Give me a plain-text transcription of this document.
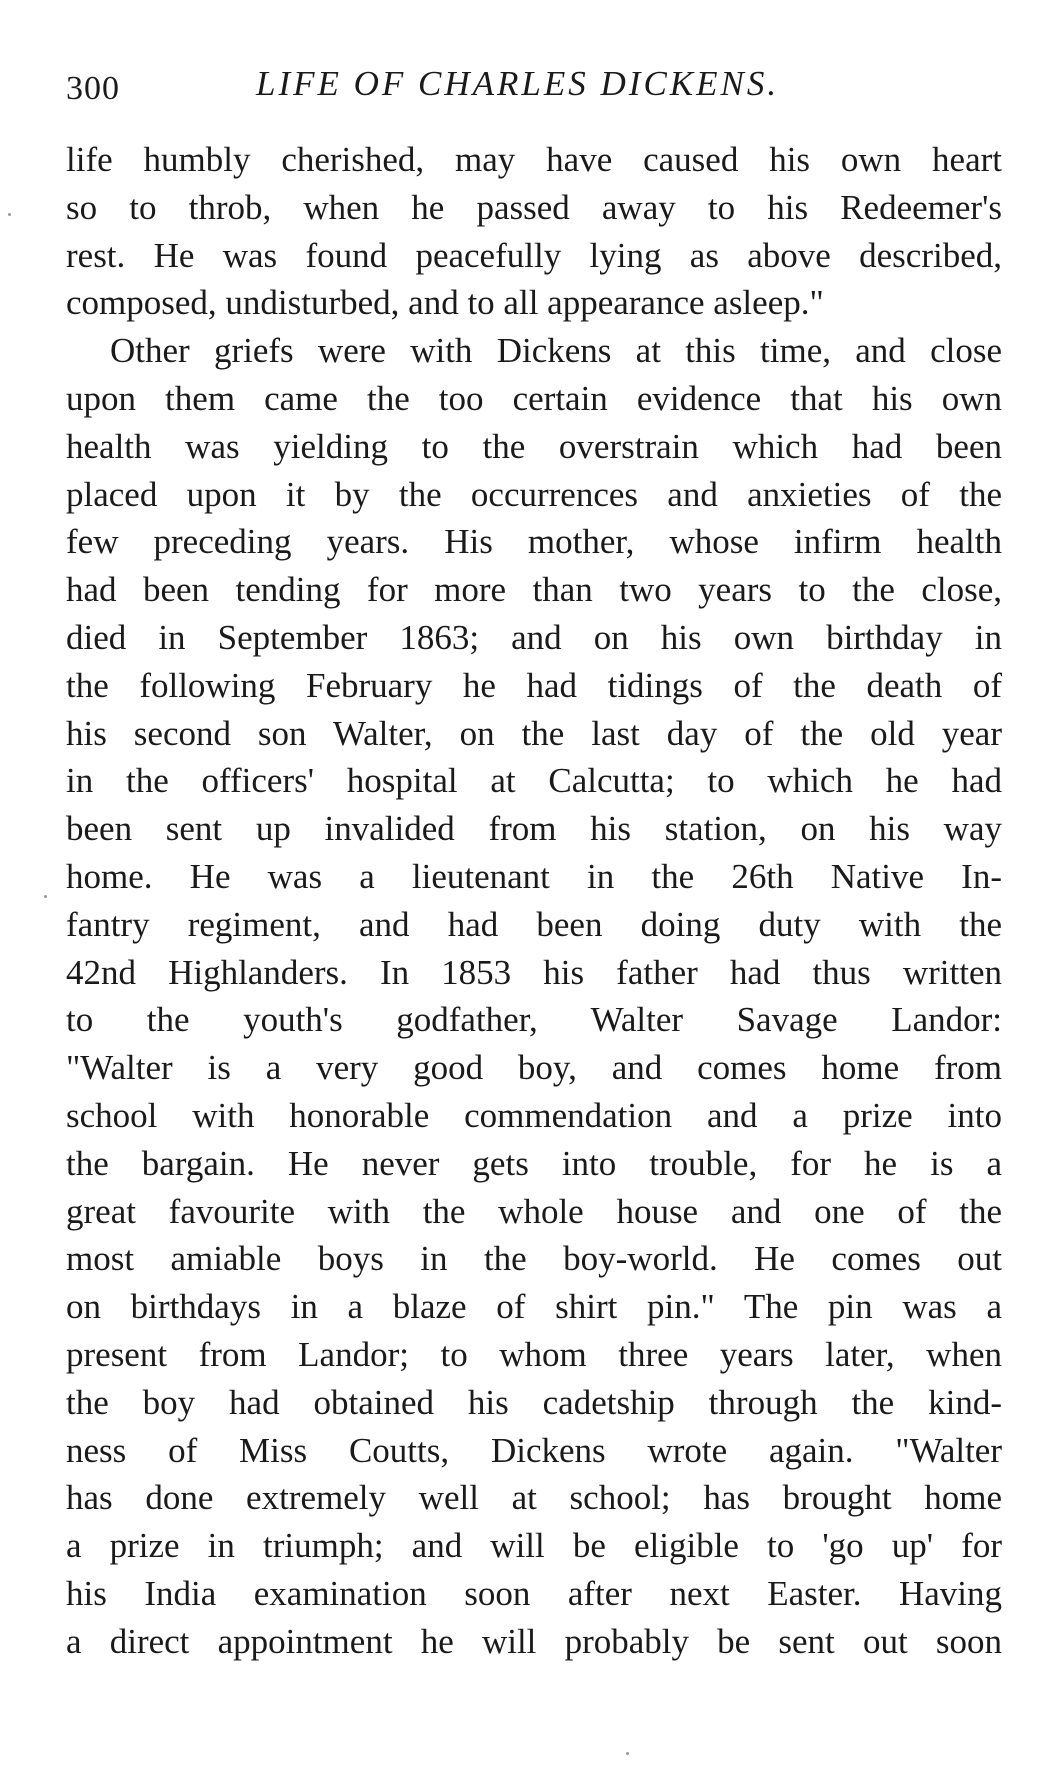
300	LIFE OF CHARLES DICKENS.
life humbly cherished, may have caused his own heart
so to throb, when he passed away to his Redeemer's
rest. He was found peacefully lying as above described,
composed, undisturbed, and to all appearance asleep."
Other griefs were with Dickens at this time, and close
upon them came the too certain evidence that his own
health was yielding to the overstrain which had been
placed upon it by the occurrences and anxieties of the
few preceding years. His mother, whose infirm health
had been tending for more than two years to the close,
died in September 1863; and on his own birthday in
the following February he had tidings of the death of
his second son Walter, on the last day of the old year
in the officers' hospital at Calcutta; to which he had
been sent up invalided from his station, on his way
home. He was a lieutenant in the 26th Native In-
fantry regiment, and had been doing duty with the
42nd Highlanders. In 1853 his father had thus written
to the youth's godfather, Walter Savage Landor:
"Walter is a very good boy, and comes home from
school with honorable commendation and a prize into
the bargain. He never gets into trouble, for he is a
great favourite with the whole house and one of the
most amiable boys in the boy-world. He comes out
on birthdays in a blaze of shirt pin." The pin was a
present from Landor; to whom three years later, when
the boy had obtained his cadetship through the kind-
ness of Miss Coutts, Dickens wrote again. "Walter
has done extremely well at school; has brought home
a prize in triumph; and will be eligible to 'go up' for
his India examination soon after next Easter. Having
a direct appointment he will probably be sent out soon
